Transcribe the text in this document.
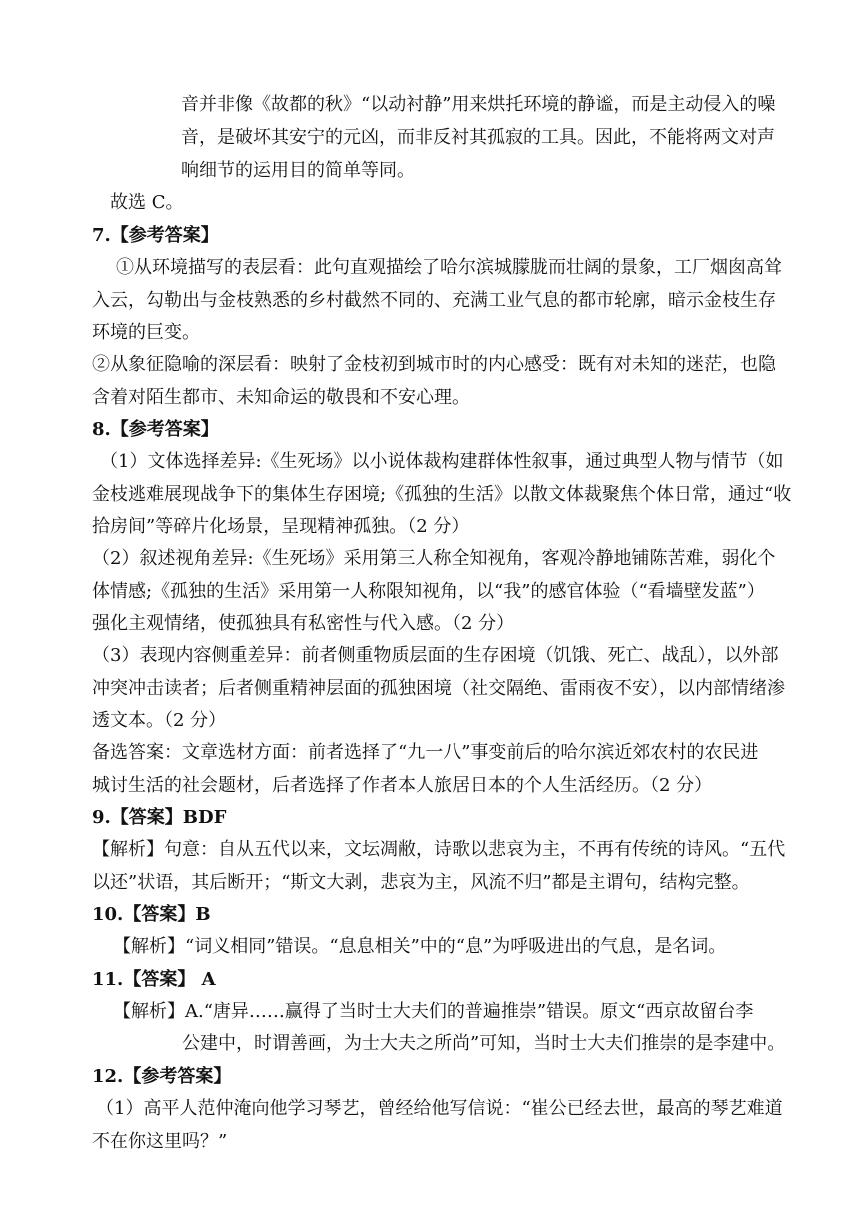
音并非像《故都的秋》“以动衬静”用来烘托环境的静谧，而是主动侵入的噪
音，是破坏其安宁的元凶，而非反衬其孤寂的工具。因此，不能将两文对声
响细节的运用目的简单等同。
故选 C。
7.【参考答案】
①从环境描写的表层看：此句直观描绘了哈尔滨城朦胧而壮阔的景象，工厂烟囱高耸
入云，勾勒出与金枝熟悉的乡村截然不同的、充满工业气息的都市轮廓，暗示金枝生存
环境的巨变。
②从象征隐喻的深层看：映射了金枝初到城市时的内心感受：既有对未知的迷茫，也隐
含着对陌生都市、未知命运的敬畏和不安心理。
8.【参考答案】
（1）文体选择差异:《生死场》以小说体裁构建群体性叙事，通过典型人物与情节（如
金枝逃难展现战争下的集体生存困境;《孤独的生活》以散文体裁聚焦个体日常，通过“收
拾房间”等碎片化场景，呈现精神孤独。（2 分）
（2）叙述视角差异:《生死场》采用第三人称全知视角，客观冷静地铺陈苦难，弱化个
体情感;《孤独的生活》采用第一人称限知视角，以“我”的感官体验（“看墙壁发蓝”）
强化主观情绪，使孤独具有私密性与代入感。（2 分）
（3）表现内容侧重差异：前者侧重物质层面的生存困境（饥饿、死亡、战乱），以外部
冲突冲击读者；后者侧重精神层面的孤独困境（社交隔绝、雷雨夜不安），以内部情绪渗
透文本。（2 分）
备选答案：文章选材方面：前者选择了“九一八”事变前后的哈尔滨近郊农村的农民进
城讨生活的社会题材，后者选择了作者本人旅居日本的个人生活经历。（2 分）
9.【答案】BDF
【解析】句意：自从五代以来，文坛凋敝，诗歌以悲哀为主，不再有传统的诗风。“五代
以还”状语，其后断开；“斯文大剥，悲哀为主，风流不归”都是主谓句，结构完整。
10.【答案】B
【解析】“词义相同”错误。“息息相关”中的“息”为呼吸进出的气息，是名词。
11.【答案】 A
【解析】A.“唐异……赢得了当时士大夫们的普遍推崇”错误。原文“西京故留台李
公建中，时谓善画，为士大夫之所尚”可知，当时士大夫们推崇的是李建中。
12.【参考答案】
（1）高平人范仲淹向他学习琴艺，曾经给他写信说：“崔公已经去世，最高的琴艺难道
不在你这里吗？”
